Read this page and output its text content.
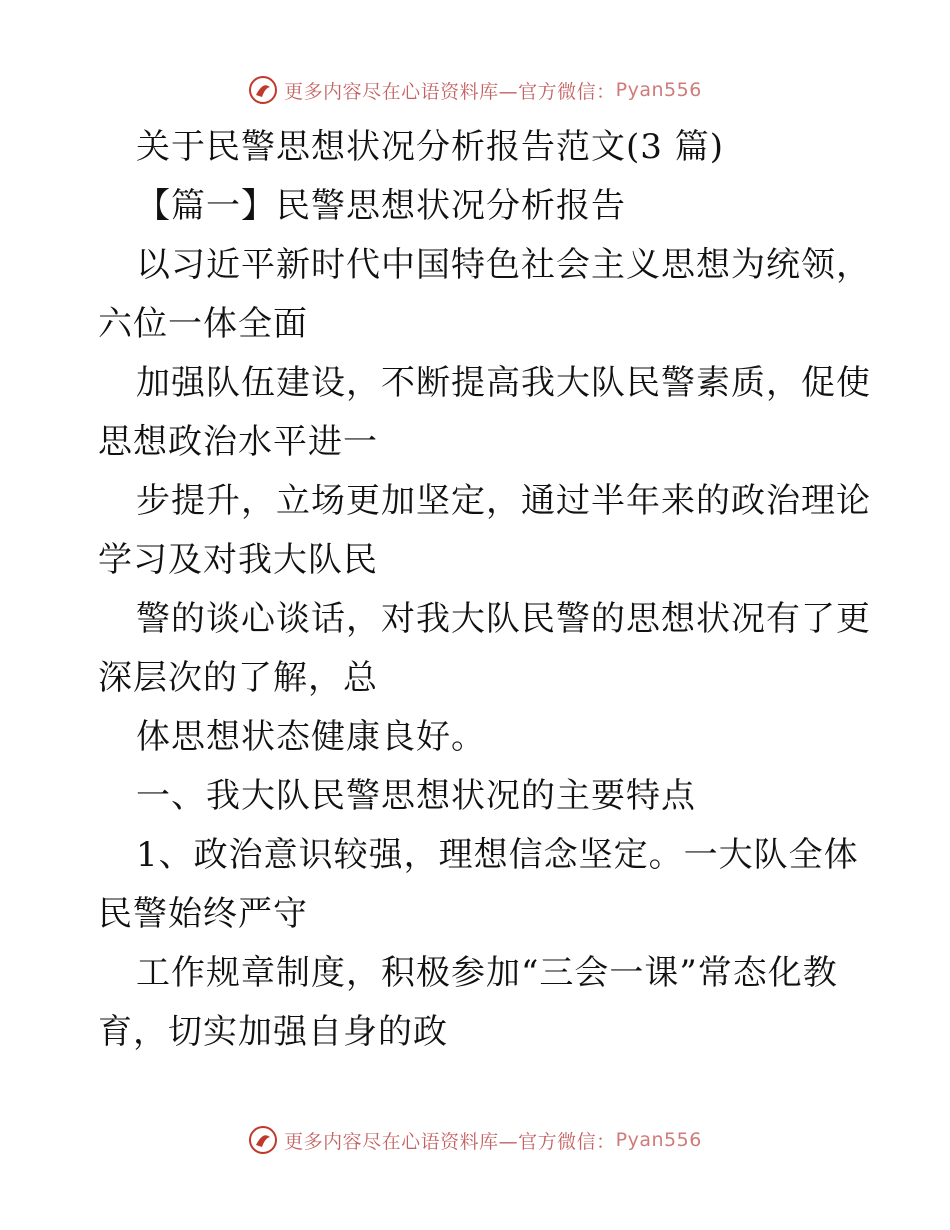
更多内容尽在心语资料库—官方微信： Pyan556
关于民警思想状况分析报告范文(3 篇)
【篇一】民警思想状况分析报告
以习近平新时代中国特色社会主义思想为统领，
六位一体全面
加强队伍建设，不断提高我大队民警素质，促使
思想政治水平进一
步提升，立场更加坚定，通过半年来的政治理论
学习及对我大队民
警的谈心谈话，对我大队民警的思想状况有了更
深层次的了解，总
体思想状态健康良好。
一、我大队民警思想状况的主要特点
1、政治意识较强，理想信念坚定。一大队全体
民警始终严守
工作规章制度，积极参加“三会一课”常态化教
育，切实加强自身的政
更多内容尽在心语资料库—官方微信： Pyan556
